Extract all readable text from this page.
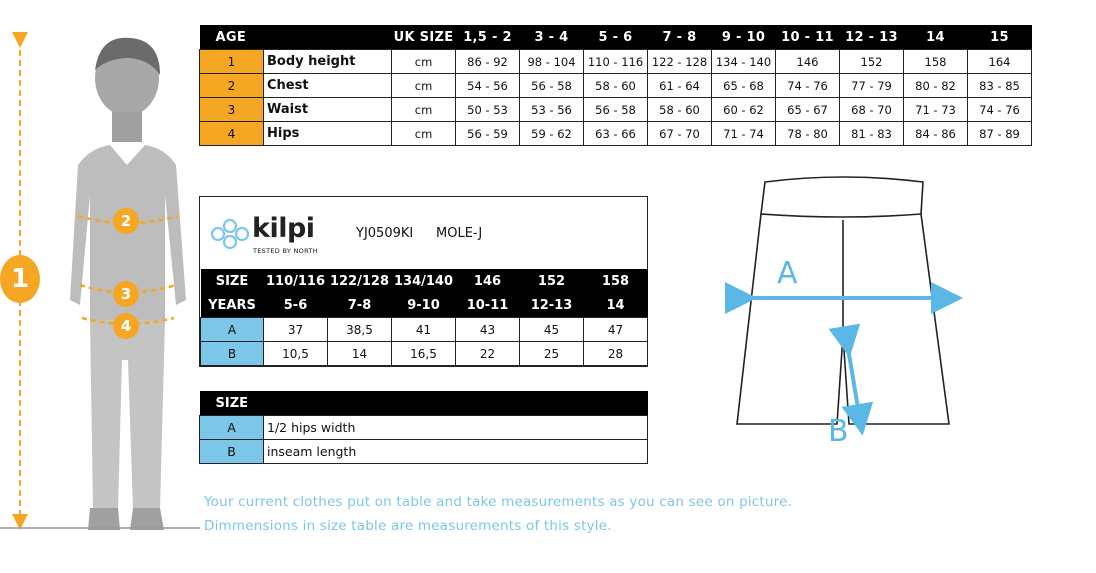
1
2
3
4
AGE		UK SIZE	1,5 - 2	3 - 4	5 - 6	7 - 8	9 - 10	10 - 11	12 - 13	14	15
1	Body height	cm	86 - 92	98 - 104	110 - 116	122 - 128	134 - 140	146	152	158	164
2	Chest	cm	54 - 56	56 - 58	58 - 60	61 - 64	65 - 68	74 - 76	77 - 79	80 - 82	83 - 85
3	Waist	cm	50 - 53	53 - 56	56 - 58	58 - 60	60 - 62	65 - 67	68 - 70	71 - 73	74 - 76
4	Hips	cm	56 - 59	59 - 62	63 - 66	67 - 70	71 - 74	78 - 80	81 - 83	84 - 86	87 - 89
kilpi
TESTED BY NORTH
YJ0509KI MOLE-J
SIZE	110/116	122/128	134/140	146	152	158
YEARS	5-6	7-8	9-10	10-11	12-13	14
A	37	38,5	41	43	45	47
B	10,5	14	16,5	22	25	28
SIZE	
A	1/2 hips width
B	inseam length
Your current clothes put on table and take measurements as you can see on picture.
Dimmensions in size table are measurements of this style.
A
B
